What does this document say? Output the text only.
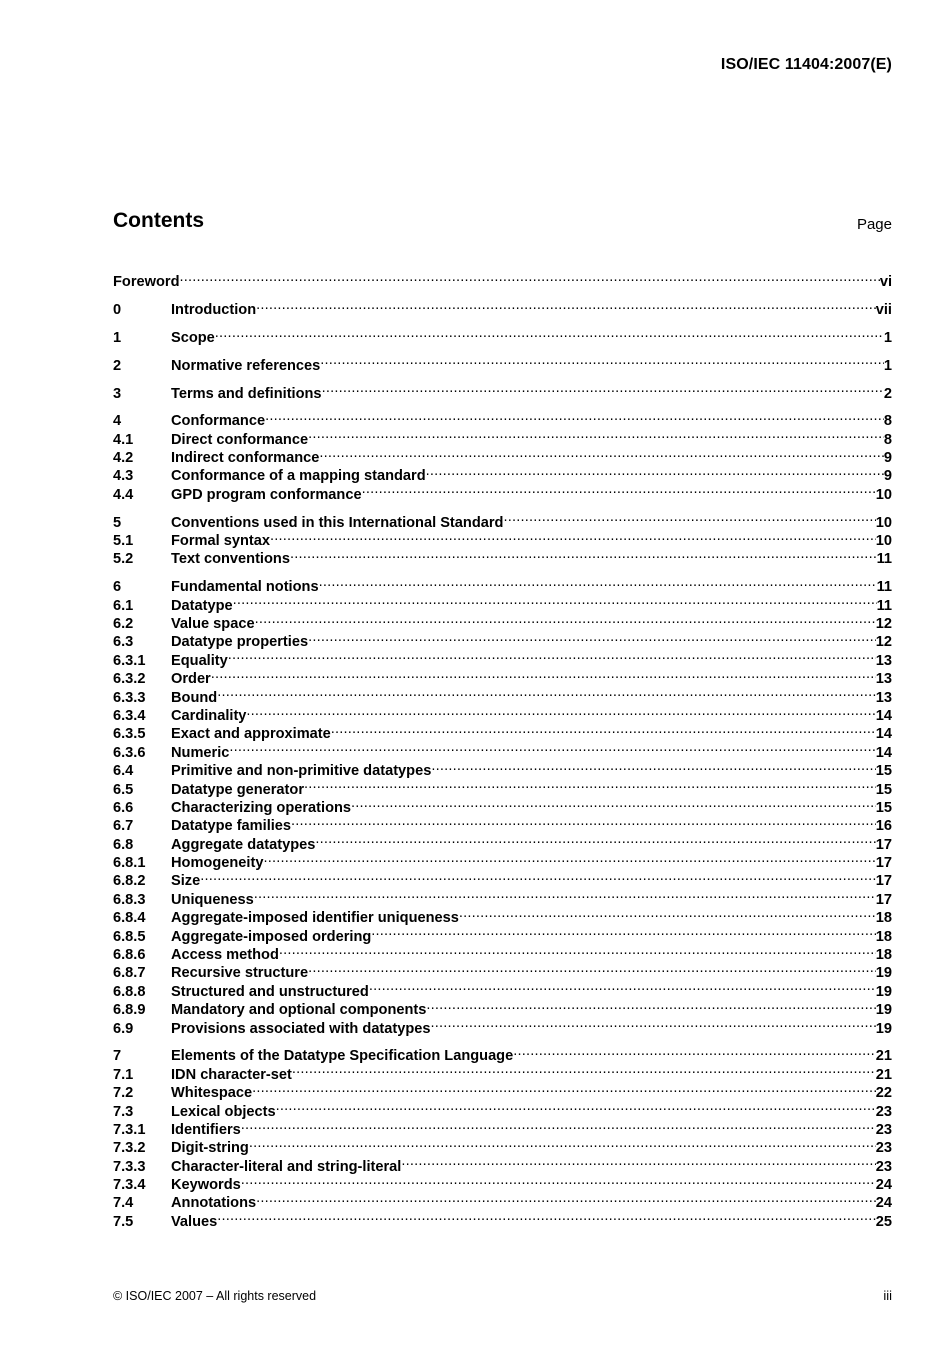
ISO/IEC 11404:2007(E)
Contents	Page
Foreword .....	vi
0	Introduction .....	vii
1	Scope .....	1
2	Normative references .....	1
3	Terms and definitions .....	2
4	Conformance .....	8
4.1	Direct conformance .....	8
4.2	Indirect conformance .....	9
4.3	Conformance of a mapping standard .....	9
4.4	GPD program conformance .....	10
5	Conventions used in this International Standard .....	10
5.1	Formal syntax .....	10
5.2	Text conventions .....	11
6	Fundamental notions .....	11
6.1	Datatype .....	11
6.2	Value space .....	12
6.3	Datatype properties .....	12
6.3.1	Equality .....	13
6.3.2	Order .....	13
6.3.3	Bound .....	13
6.3.4	Cardinality .....	14
6.3.5	Exact and approximate .....	14
6.3.6	Numeric .....	14
6.4	Primitive and non-primitive datatypes .....	15
6.5	Datatype generator .....	15
6.6	Characterizing operations .....	15
6.7	Datatype families .....	16
6.8	Aggregate datatypes .....	17
6.8.1	Homogeneity .....	17
6.8.2	Size .....	17
6.8.3	Uniqueness .....	17
6.8.4	Aggregate-imposed identifier uniqueness .....	18
6.8.5	Aggregate-imposed ordering .....	18
6.8.6	Access method .....	18
6.8.7	Recursive structure .....	19
6.8.8	Structured and unstructured .....	19
6.8.9	Mandatory and optional components .....	19
6.9	Provisions associated with datatypes .....	19
7	Elements of the Datatype Specification Language .....	21
7.1	IDN character-set .....	21
7.2	Whitespace .....	22
7.3	Lexical objects .....	23
7.3.1	Identifiers .....	23
7.3.2	Digit-string .....	23
7.3.3	Character-literal and string-literal .....	23
7.3.4	Keywords .....	24
7.4	Annotations .....	24
7.5	Values .....	25
© ISO/IEC 2007 – All rights reserved	iii
